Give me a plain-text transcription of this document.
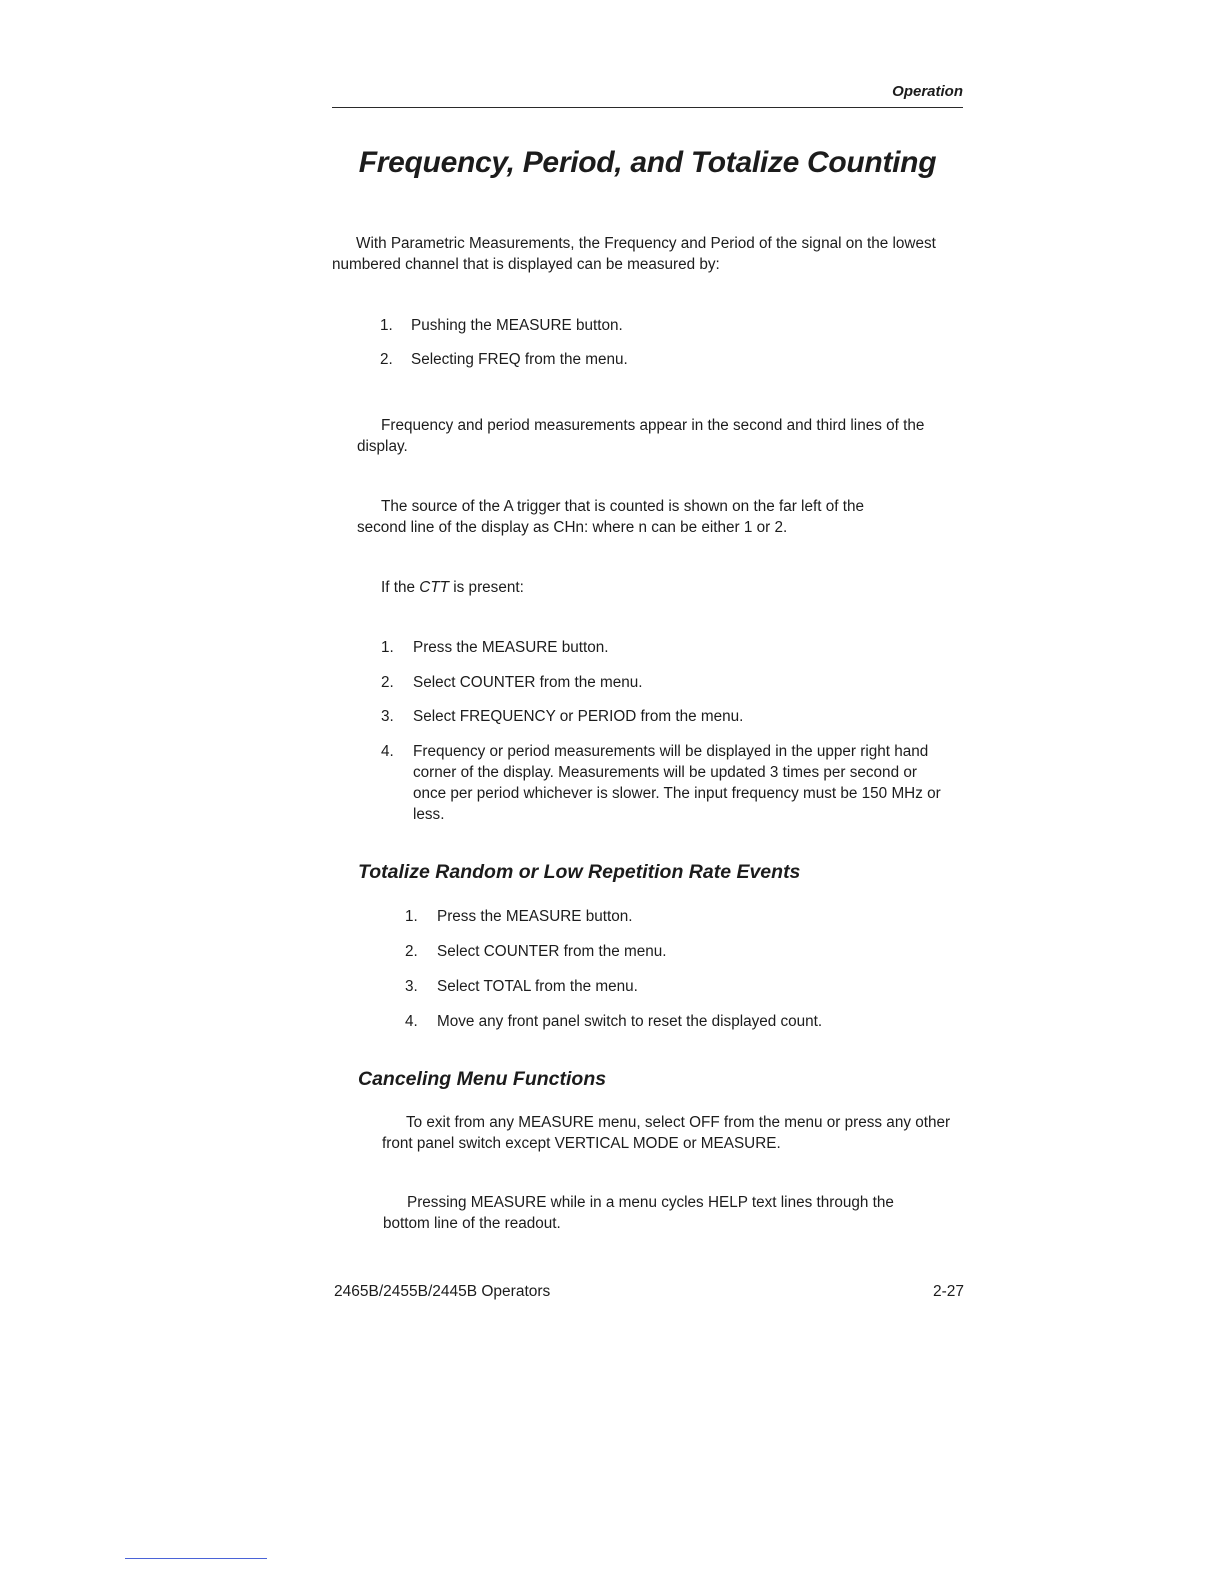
Operation
Frequency, Period, and Totalize Counting

With Parametric Measurements, the Frequency and Period of the signal on the lowest numbered channel that is displayed can be measured by:

1. Pushing the MEASURE button.
2. Selecting FREQ from the menu.

Frequency and period measurements appear in the second and third lines of the display.

The source of the A trigger that is counted is shown on the far left of the second line of the display as CHn: where n can be either 1 or 2.

If the CTT is present:

1. Press the MEASURE button.
2. Select COUNTER from the menu.
3. Select FREQUENCY or PERIOD from the menu.
4. Frequency or period measurements will be displayed in the upper right hand corner of the display. Measurements will be updated 3 times per second or once per period whichever is slower. The input frequency must be 150 MHz or less.
Totalize Random or Low Repetition Rate Events
1. Press the MEASURE button.
2. Select COUNTER from the menu.
3. Select TOTAL from the menu.
4. Move any front panel switch to reset the displayed count.
Canceling Menu Functions

To exit from any MEASURE menu, select OFF from the menu or press any other front panel switch except VERTICAL MODE or MEASURE.

Pressing MEASURE while in a menu cycles HELP text lines through the bottom line of the readout.

2465B/2455B/2445B Operators	2-27
